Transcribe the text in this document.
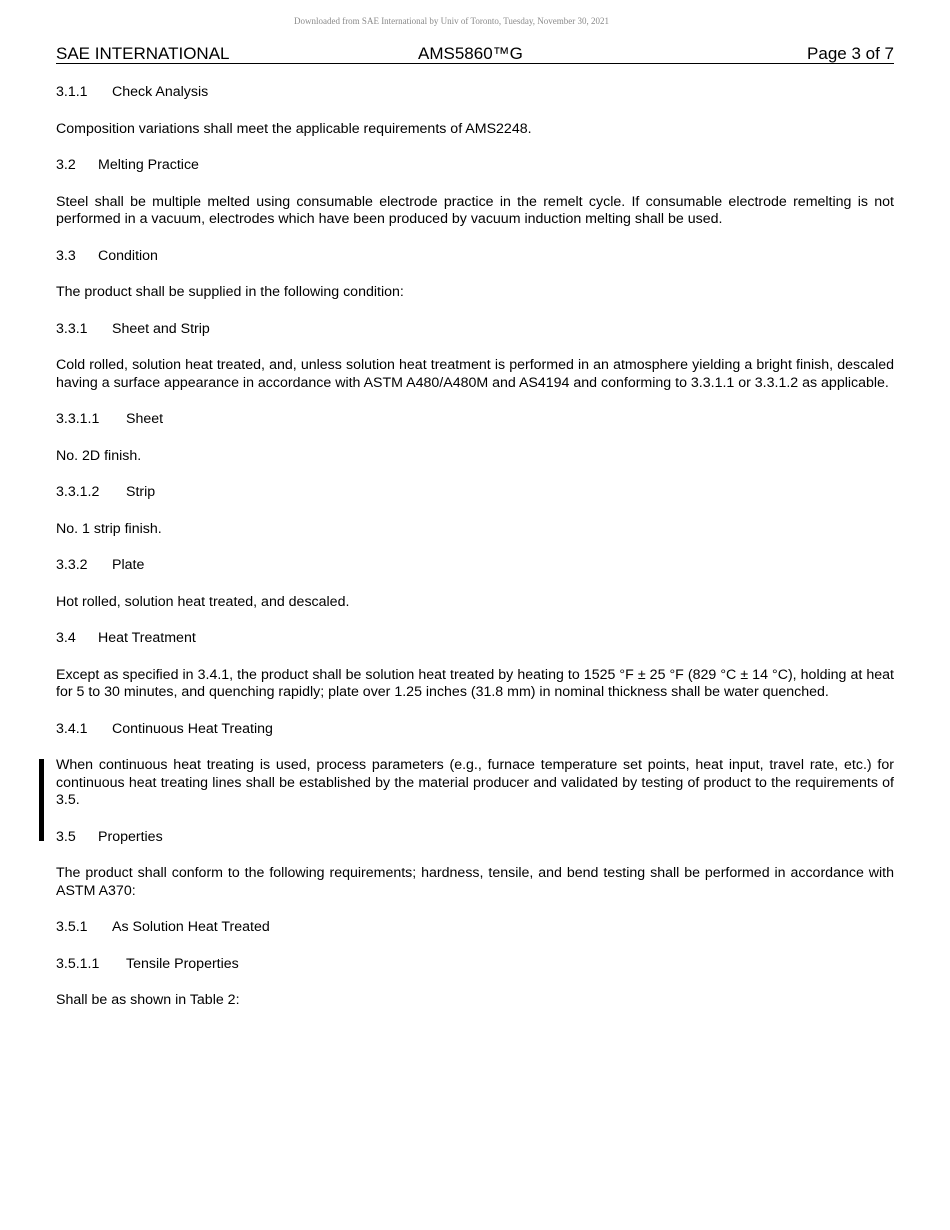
Downloaded from SAE International by Univ of Toronto, Tuesday, November 30, 2021
SAE INTERNATIONAL	AMS5860™G	Page 3 of 7
3.1.1 Check Analysis
Composition variations shall meet the applicable requirements of AMS2248.
3.2 Melting Practice
Steel shall be multiple melted using consumable electrode practice in the remelt cycle. If consumable electrode remelting is not performed in a vacuum, electrodes which have been produced by vacuum induction melting shall be used.
3.3 Condition
The product shall be supplied in the following condition:
3.3.1 Sheet and Strip
Cold rolled, solution heat treated, and, unless solution heat treatment is performed in an atmosphere yielding a bright finish, descaled having a surface appearance in accordance with ASTM A480/A480M and AS4194 and conforming to 3.3.1.1 or 3.3.1.2 as applicable.
3.3.1.1 Sheet
No. 2D finish.
3.3.1.2 Strip
No. 1 strip finish.
3.3.2 Plate
Hot rolled, solution heat treated, and descaled.
3.4 Heat Treatment
Except as specified in 3.4.1, the product shall be solution heat treated by heating to 1525 °F ± 25 °F (829 °C ± 14 °C), holding at heat for 5 to 30 minutes, and quenching rapidly; plate over 1.25 inches (31.8 mm) in nominal thickness shall be water quenched.
3.4.1 Continuous Heat Treating
When continuous heat treating is used, process parameters (e.g., furnace temperature set points, heat input, travel rate, etc.) for continuous heat treating lines shall be established by the material producer and validated by testing of product to the requirements of 3.5.
3.5 Properties
The product shall conform to the following requirements; hardness, tensile, and bend testing shall be performed in accordance with ASTM A370:
3.5.1 As Solution Heat Treated
3.5.1.1 Tensile Properties
Shall be as shown in Table 2:
